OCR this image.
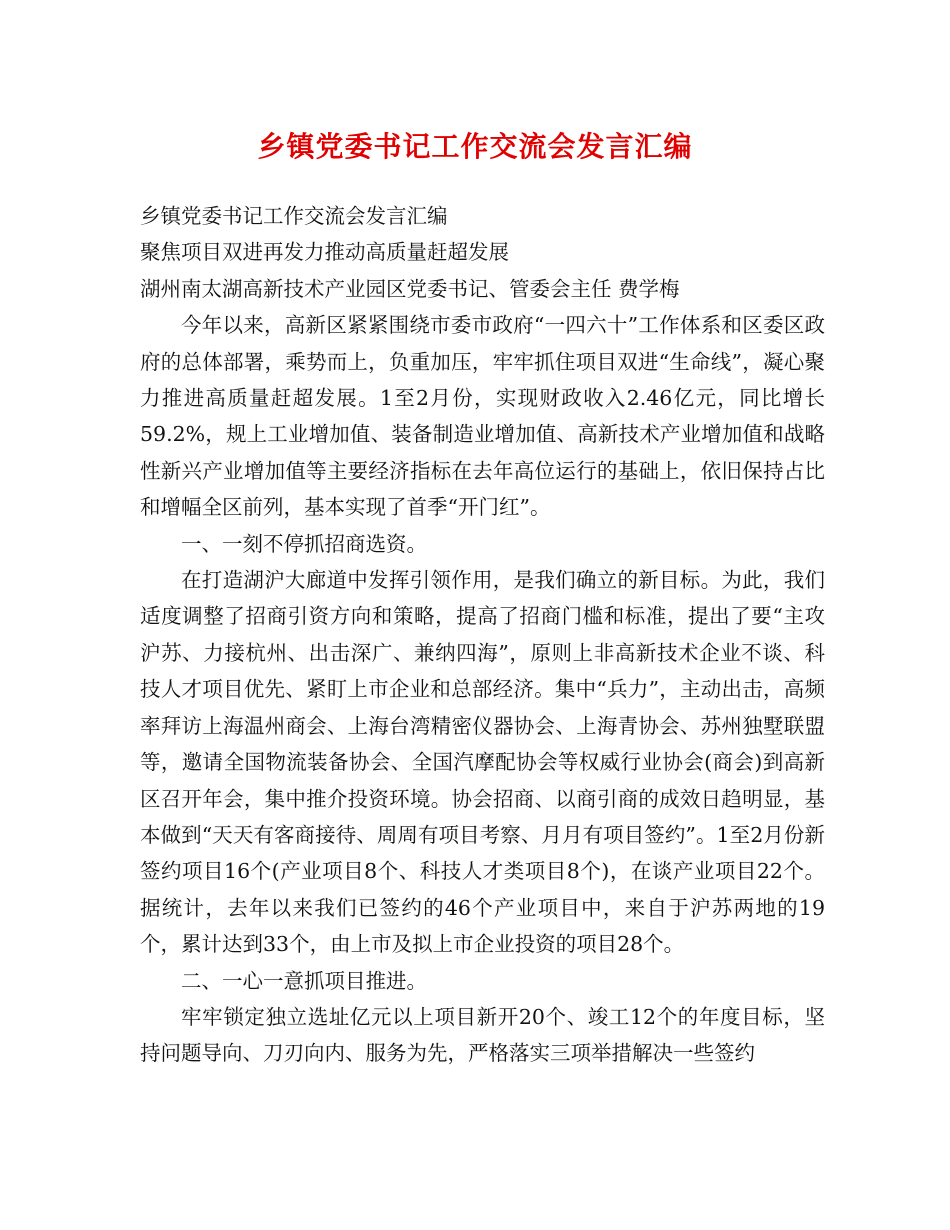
乡镇党委书记工作交流会发言汇编

乡镇党委书记工作交流会发言汇编

聚焦项目双进再发力推动高质量赶超发展

湖州南太湖高新技术产业园区党委书记、管委会主任 费学梅

今年以来，高新区紧紧围绕市委市政府“一四六十”工作体系和区委区政府的总体部署，乘势而上，负重加压，牢牢抓住项目双进“生命线”，凝心聚力推进高质量赶超发展。1至2月份，实现财政收入2.46亿元，同比增长59.2%，规上工业增加值、装备制造业增加值、高新技术产业增加值和战略性新兴产业增加值等主要经济指标在去年高位运行的基础上，依旧保持占比和增幅全区前列，基本实现了首季“开门红”。

一、一刻不停抓招商选资。

在打造湖沪大廊道中发挥引领作用，是我们确立的新目标。为此，我们适度调整了招商引资方向和策略，提高了招商门槛和标准，提出了要“主攻沪苏、力接杭州、出击深广、兼纳四海”，原则上非高新技术企业不谈、科技人才项目优先、紧盯上市企业和总部经济。集中“兵力”，主动出击，高频率拜访上海温州商会、上海台湾精密仪器协会、上海青协会、苏州独墅联盟等，邀请全国物流装备协会、全国汽摩配协会等权威行业协会(商会)到高新区召开年会，集中推介投资环境。协会招商、以商引商的成效日趋明显，基本做到“天天有客商接待、周周有项目考察、月月有项目签约”。1至2月份新签约项目16个(产业项目8个、科技人才类项目8个)，在谈产业项目22个。据统计，去年以来我们已签约的46个产业项目中，来自于沪苏两地的19个，累计达到33个，由上市及拟上市企业投资的项目28个。

二、一心一意抓项目推进。

牢牢锁定独立选址亿元以上项目新开20个、竣工12个的年度目标，坚持问题导向、刀刃向内、服务为先，严格落实三项举措解决一些签约
